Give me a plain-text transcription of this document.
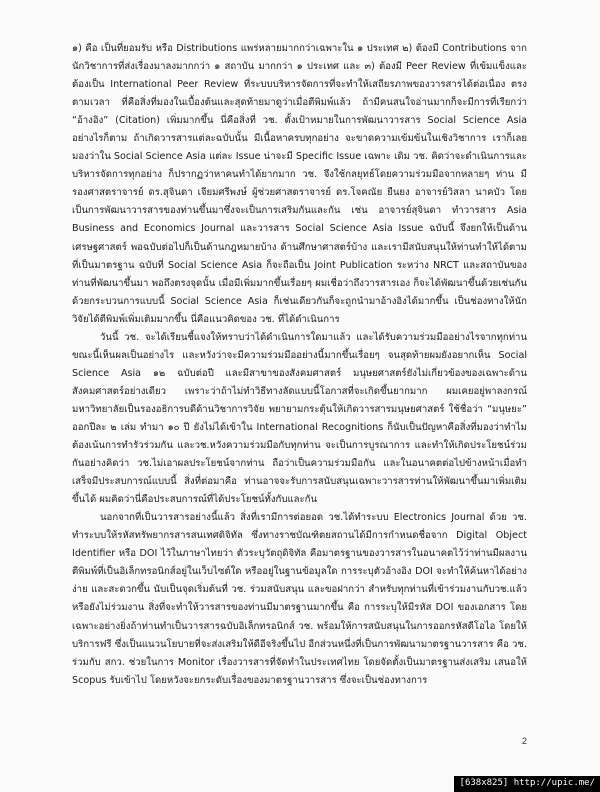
๑) คือ เป็นที่ยอมรับ หรือ Distributions แพร่หลายมากกว่าเฉพาะใน ๑ ประเทศ ๒) ต้องมี Contributions จากนักวิชาการที่ส่งเรื่องมาลงมากกว่า ๑ สถาบัน มากกว่า ๑ ประเทศ และ ๓) ต้องมี Peer Review ที่เข้มแข็งและต้องเป็น International Peer Review ที่ระบบบริหารจัดการที่จะทำให้เสถียรภาพของวารสารได้ต่อเนื่อง ตรงตามเวลา ที่คือสิ่งที่มองในเบื้องต้นและสุดท้ายมาดูว่าเมื่อตีพิมพ์แล้ว ถ้ามีคนสนใจอ่านมากก็จะมีการที่เรียกว่า “อ้างอิง” (Citation) เพิ่มมากขึ้น นี่คือสิ่งที่ วช. ตั้งเป้าหมายในการพัฒนาวารสาร Social Science Asia อย่างไรก็ตาม ถ้าเกิดวารสารแต่ละฉบับนั้น มีเนื้อหาครบทุกอย่าง จะขาดความเข้มข้นในเชิงวิชาการ เราก็เลยมองว่าใน Social Science Asia แต่ละ Issue น่าจะมี Specific Issue เฉพาะ เดิม วช. คิดว่าจะดำเนินการและบริหารจัดการทุกอย่าง ก็ปรากฏว่าหาคนทำได้ยากมาก วช. จึงใช้กลยุทธ์โดยความร่วมมือจากหลายๆ ท่าน มี รองศาสตราจารย์ ดร.สุจินดา เจียมศรีพงษ์ ผู้ช่วยศาสตราจารย์ ดร.โจคณัย ยืนยง อาจารย์วิสลา นาคบัว โดยเป็นการพัฒนาวารสารของท่านขึ้นมาซึ่งจะเป็นการเสริมกันและกัน เช่น อาจารย์สุจินดา ทำวารสาร Asia Business and Economics Journal และวารสาร Social Science Asia Issue ฉบับนี้ จึงยกให้เป็นด้านเศรษฐศาสตร์ พอฉบับต่อไปก็เป็นด้านกฎหมายบ้าง ด้านศึกษาศาสตร์บ้าง และเรามีสนับสนุนให้ท่านทำให้ได้ตามที่เป็นมาตรฐาน ฉบับที่ Social Science Asia ก็จะถือเป็น Joint Publication ระหว่าง NRCT และสถาบันของท่านที่พัฒนาขึ้นมา พอถึงตรงจุดนั้น เมื่อมีเพิ่มมากขึ้นเรื่อยๆ ผมเชื่อว่าถึงวารสารเอง ก็จะได้พัฒนาขึ้นด้วยเช่นกัน ด้วยกระบวนการแบบนี้ Social Science Asia ก็เช่นเดียวกันก็จะถูกนำมาอ้างอิงได้มากขึ้น เป็นช่องทางให้นักวิจัยได้ตีพิมพ์เพิ่มเติมมากขึ้น นี่คือแนวคิดของ วช. ที่ได้ดำเนินการ

วันนี้ วช. จะได้เรียนชี้แจงให้ทราบว่าได้ดำเนินการใดมาแล้ว และได้รับความร่วมมืออย่างไรจากทุกท่าน ขณะนี้เห็นผลเป็นอย่างไร และหวังว่าจะมีความร่วมมืออย่างนี้มากขึ้นเรื่อยๆ จนสุดท้ายผมยังอยากเห็น Social Science Asia ๑๒ ฉบับต่อปี และมีสาขาของสังคมศาสตร์ มนุษยศาสตร์ยังไม่เกี่ยวข้องของเฉพาะด้านสังคมศาสตร์อย่างเดียว เพราะว่าถ้าไม่ทำวิธีทางลัดแบบนี้โอกาสที่จะเกิดขึ้นยากมาก ผมเคยอยู่พาลงกรณ์มหาวิทยาลัยเป็นรองอธิการบดีด้านวิชาการวิจัย พยายามกระตุ้นให้เกิดวารสารมนุษยศาสตร์ ใช้ชื่อว่า “มนุษยะ” ออกปีละ ๒ เล่ม ทำมา ๑๐ ปี ยังไม่ได้เข้าใน International Recognitions ก็นับเป็นปัญหาคือสิ่งที่มองว่าทำไมต้องเน้นการทำรัวร่วมกัน และวช.หวังความร่วมมือกับทุกท่าน จะเป็นการบูรณาการ และทำให้เกิดประโยชน์ร่วมกันอย่างคิดว่า วช.ไม่เอาผลประโยชน์จากท่าน ถือว่าเป็นความร่วมมือกัน และในอนาคตต่อไปข้างหน้าเมื่อทำเสร็จมีประสบการณ์แบบนี้ สิ่งที่ต่อมาคือ ท่านอาจจะรับการสนับสนุนเฉพาะวารสารท่านให้พัฒนาขึ้นมาเพิ่มเติมขึ้นได้ ผมคิดว่านี่คือประสบการณ์ที่ได้ประโยชน์ทั้งกับและกัน

นอกจากที่เป็นวารสารอย่างนี้แล้ว สิ่งที่เรามีการต่อยอด วช.ได้ทำระบบ Electronics Journal ด้วย วช. ทำระบบให้รหัสทรัพยากรสารสนเทศดิจิทัล ซึ่งทางราชบัณฑิตยสถานได้มีการกำหนดชื่อจาก Digital Object Identifier หรือ DOI ไว้ในภาษาไทยว่า ตัวระบุวัตถุดิจิทัล คือมาตรฐานของวารสารในอนาคตไว้ว่าท่านมีผลงานตีพิมพ์ที่เป็นอิเล็กทรอนิกส์อยู่ในเว็บไซต์ใด หรืออยู่ในฐานข้อมูลใด การระบุตัวอ้างอิง DOI จะทำให้ค้นหาได้อย่างง่าย และสะดวกขึ้น นับเป็นจุดเริ่มต้นที่ วช. ร่วมสนับสนุน และขอฝากว่า สำหรับทุกท่านที่เข้าร่วมงานกับวช.แล้ว หรือยังไม่ร่วมงาน สิ่งที่จะทำให้วารสารของท่านมีมาตรฐานมากขึ้น คือ การระบุให้มีรหัส DOI ของเอกสาร โดยเฉพาะอย่างยิ่งถ้าท่านทำเป็นวารสารฉบับอิเล็กทรอนิกส์ วช. พร้อมให้การสนับสนุนในการออกรหัสดีโอไอ โดยให้บริการฟรี ซึ่งเป็นแนวนโยบายที่จะส่งเสริมให้ดีอีจริงขึ้นไป อีกส่วนหนึ่งที่เป็นการพัฒนามาตรฐานวารสาร คือ วช. ร่วมกับ สกว. ช่วยในการ Monitor เรื่องวารสารที่จัดทำในประเทศไทย โดยจัดตั้งเป็นมาตรฐานส่งเสริม เสนอให้ Scopus รับเข้าไป โดยหวังจะยกระดับเรื่องของมาตรฐานวารสาร ซึ่งจะเป็นช่องทางการ

2
[638x825] http://upic.me/
